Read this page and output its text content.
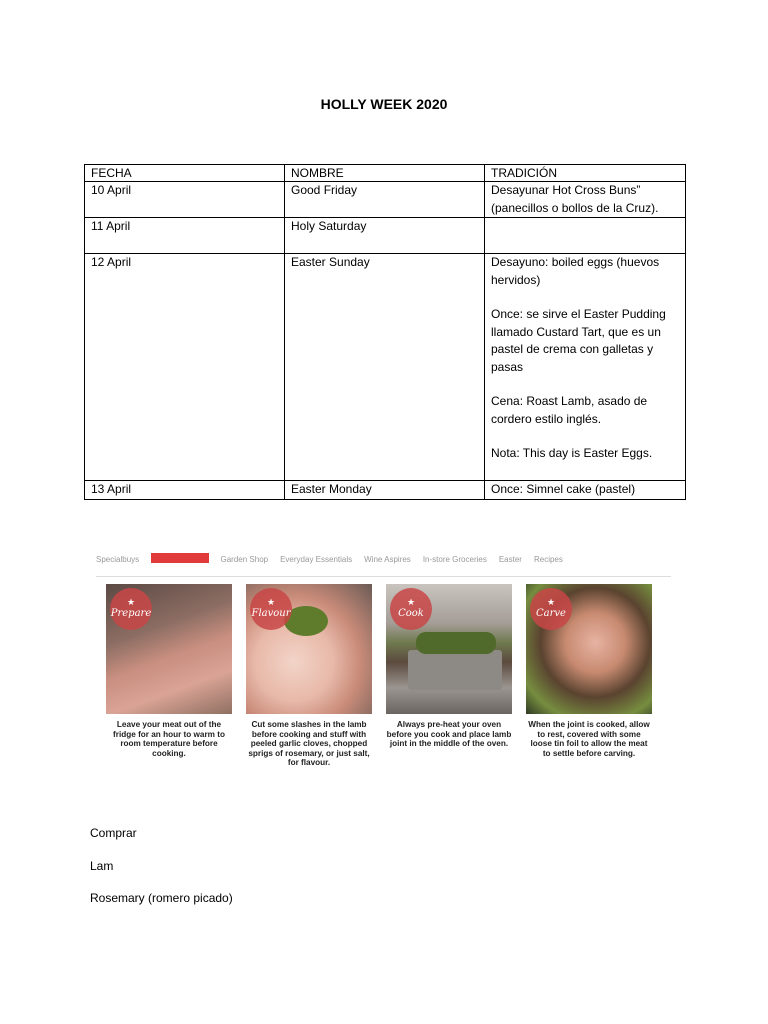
HOLLY WEEK 2020
FECHA	NOMBRE	TRADICIÓN
10 April	Good Friday	Desayunar Hot Cross Buns” (panecillos o bollos de la Cruz).
11 April	Holy Saturday	
12 April	Easter Sunday	Desayuno: boiled eggs (huevos hervidos)

Once: se sirve el Easter Pudding llamado Custard Tart, que es un pastel de crema con galletas y pasas

Cena: Roast Lamb, asado de cordero estilo inglés.

Nota: This day is Easter Eggs.

13 April	Easter Monday	Once: Simnel cake (pastel)
Specialbuys	Seasonal	Garden Shop Everyday Essentials Wine Aspires In-store Groceries Easter Recipes
★
Prepare
Leave your meat out of the fridge for an hour to warm to room temperature before cooking.
★
Flavour
Cut some slashes in the lamb before cooking and stuff with peeled garlic cloves, chopped sprigs of rosemary, or just salt, for flavour.
★
Cook
Always pre-heat your oven before you cook and place lamb joint in the middle of the oven.
★
Carve
When the joint is cooked, allow to rest, covered with some loose tin foil to allow the meat to settle before carving.
Comprar
Lam
Rosemary (romero picado)
